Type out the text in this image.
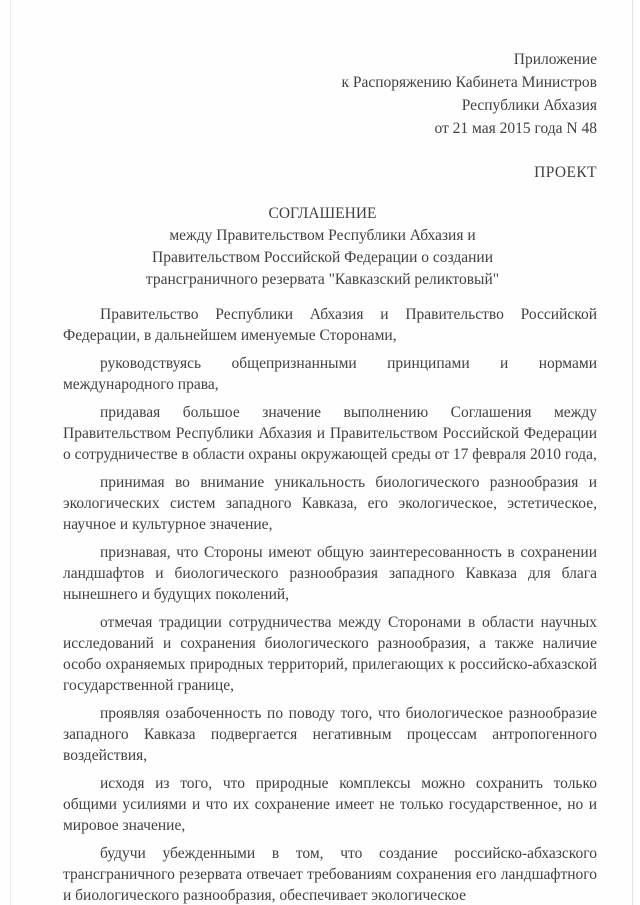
Приложение
к Распоряжению Кабинета Министров
Республики Абхазия
от 21 мая 2015 года N 48
ПРОЕКТ
СОГЛАШЕНИЕ
между Правительством Республики Абхазия и
Правительством Российской Федерации о создании
трансграничного резервата "Кавказский реликтовый"

Правительство Республики Абхазия и Правительство Российской Федерации, в дальнейшем именуемые Сторонами,

руководствуясь общепризнанными принципами и нормами международного права,

придавая большое значение выполнению Соглашения между Правительством Республики Абхазия и Правительством Российской Федерации о сотрудничестве в области охраны окружающей среды от 17 февраля 2010 года,

принимая во внимание уникальность биологического разнообразия и экологических систем западного Кавказа, его экологическое, эстетическое, научное и культурное значение,

признавая, что Стороны имеют общую заинтересованность в сохранении ландшафтов и биологического разнообразия западного Кавказа для блага нынешнего и будущих поколений,

отмечая традиции сотрудничества между Сторонами в области научных исследований и сохранения биологического разнообразия, а также наличие особо охраняемых природных территорий, прилегающих к российско-абхазской государственной границе,

проявляя озабоченность по поводу того, что биологическое разнообразие западного Кавказа подвергается негативным процессам антропогенного воздействия,

исходя из того, что природные комплексы можно сохранить только общими усилиями и что их сохранение имеет не только государственное, но и мировое значение,

будучи убежденными в том, что создание российско-абхазского трансграничного резервата отвечает требованиям сохранения его ландшафтного и биологического разнообразия, обеспечивает экологическое
